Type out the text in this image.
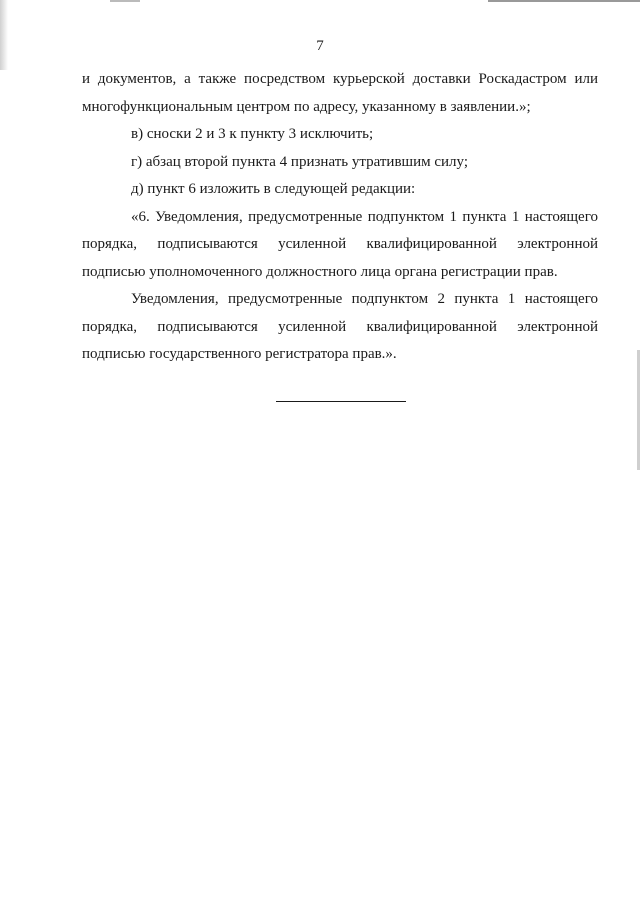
7

и документов, а также посредством курьерской доставки Роскадастром или многофункциональным центром по адресу, указанному в заявлении.»;

в) сноски 2 и 3 к пункту 3 исключить;

г) абзац второй пункта 4 признать утратившим силу;

д) пункт 6 изложить в следующей редакции:

«6. Уведомления, предусмотренные подпунктом 1 пункта 1 настоящего порядка, подписываются усиленной квалифицированной электронной подписью уполномоченного должностного лица органа регистрации прав.

Уведомления, предусмотренные подпунктом 2 пункта 1 настоящего порядка, подписываются усиленной квалифицированной электронной подписью государственного регистратора прав.».
